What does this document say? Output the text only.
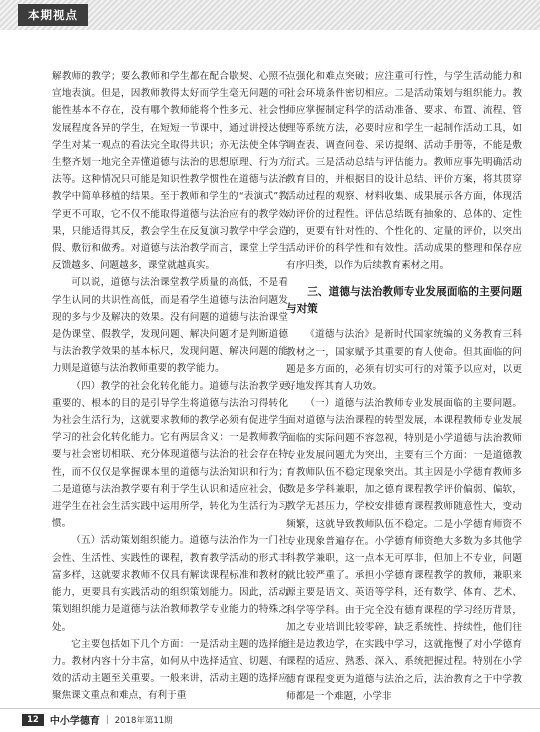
本期视点

解教师的教学；要么教师和学生都在配合歇契、心照不宣地表演。但是，因教师教得太好而学生毫无问题的可能性基本不存在，没有哪个教师能将个性多元、社会性发展程度各异的学生，在短短一节课中，通过讲授达使学生对某一观点的看法完全取得共识；亦无法使全体学生整齐划一地完全弄懂道德与法治的思想原理、行为方法等。这种情况只可能是知识性教学惯性在道德与法治教学中简单移植的结果。至于教师和学生的“表演式”教学更不可取，它不仅不能取得道德与法治应有的教学效果，只能适得其反，教会学生在反复演习教学中学会造假、敷衍和做秀。对道德与法治教学而言，课堂上学生反馈越多、问题越多，课堂就越真实。

可以说，道德与法治课堂教学质量的高低，不是看学生认同的共识性高低，而是看学生道德与法治问题发现的多与少及解决的效果。没有问题的道德与法治课堂是伪课堂、假教学，发现问题、解决问题才是判断道德与法治教学效果的基本标尺，发现问题、解决问题的能力则是道德与法治教师重要的教学能力。

（四）教学的社会化转化能力。道德与法治教学更重要的、根本的目的是引导学生将道德与法治习得转化为社会生活行为，这就要求教师的教学必须有促进学生学习的社会化转化能力。它有两层含义：一是教师教学要与社会密切相联、充分体现道德与法治的社会存在特性，而不仅仅是掌握课本里的道德与法治知识和行为；二是道德与法治教学要有利于学生认识和适应社会，促进学生在社会生活实践中运用所学，转化为生活行为习惯。

（五）活动策划组织能力。道德与法治作为一门社会性、生活性、实践性的课程，教育教学活动的形式丰富多样，这就要求教师不仅具有解读课程标准和教材的能力，更要具有实践活动的组织策划能力。因此，活动策划组织能力是道德与法治教师教学专业能力的特殊之处。

它主要包括如下几个方面：一是活动主题的选择能力。教材内容十分丰富，如何从中选择适宜、切题、有效的活动主题至关重要。一般来讲，活动主题的选择应聚焦课文重点和难点，有利于重

点强化和难点突破；应注重可行性，与学生活动能力和社会环境条件密切相应。二是活动策划与组织能力。教师应掌握制定科学的活动准备、要求、布置、流程、管理等系统方法，必要时应和学生一起制作活动工具，如调查表、调查问卷、采访提纲、活动手册等，不能是敷衍式。三是活动总结与评估能力。教师应事先明确活动教育目的，并根据目的设计总结、评价方案，将其贯穿活动过程的观察、材料收集、成果展示各方面，体现活动评价的过程性。评估总结既有抽象的、总体的、定性的，更要有针对性的、个性化的、定量的评价，以突出活动评价的科学性和有效性。活动成果的整理和保存应有序归类，以作为后续教育素材之用。

三、道德与法治教师专业发展面临的主要问题与对策

《道德与法治》是新时代国家统编的义务教育三科教材之一，国家赋予其重要的育人使命。但其面临的问题是多方面的，必须有切实可行的对策予以应对，以更好地发挥其育人功效。

（一）道德与法治教师专业发展面临的主要问题。面对道德与法治课程的转型发展，本课程教师专业发展面临的实际问题不容忽视，特别是小学道德与法治教师专业发展问题尤为突出，主要有三个方面：一是道德教育教师队伍不稳定现象突出。其主因是小学德育教师多数是多学科兼职，加之德育课程教学评价偏弱、偏软，教学无甚压力，学校安排德育课程教师随意性大，变动频繁，这就导致教师队伍不稳定。二是小学德育师资不专业现象普遍存在。小学德育师资绝大多数为多其他学科教学兼职，这一点本无可厚非，但加上不专业，问题就比较严重了。承担小学德育课程教学的教师，兼职来源主要是语文、英语等学科，还有数学、体育、艺术、科学等学科。由于完全没有德育课程的学习经历背景，加之专业培训比较零碎，缺乏系统性、持续性，他们往往是边教边学，在实践中学习，这就拖慢了对小学德育课程的适应、熟悉、深入、系统把握过程。特别在小学德育课程变更为道德与法治之后，法治教育之于中学教师都是一个难题，小学非

12	中小学德育 | 2018年第11期
